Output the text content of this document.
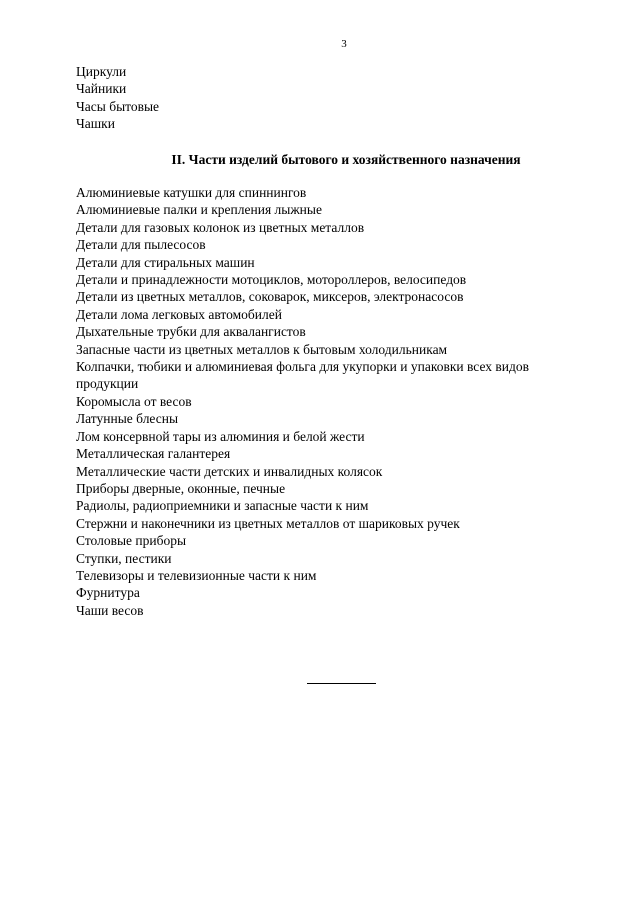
3
Циркули
Чайники
Часы бытовые
Чашки
II. Части изделий бытового и хозяйственного назначения
Алюминиевые катушки для спиннингов
Алюминиевые палки и крепления лыжные
Детали для газовых колонок из цветных металлов
Детали для пылесосов
Детали для стиральных машин
Детали и принадлежности мотоциклов, мотороллеров, велосипедов
Детали из цветных металлов, соковарок, миксеров, электронасосов
Детали лома легковых автомобилей
Дыхательные трубки для аквалангистов
Запасные части из цветных металлов к бытовым холодильникам
Колпачки, тюбики и алюминиевая фольга для укупорки и упаковки всех видов продукции
Коромысла от весов
Латунные блесны
Лом консервной тары из алюминия и белой жести
Металлическая галантерея
Металлические части детских и инвалидных колясок
Приборы дверные, оконные, печные
Радиолы, радиоприемники и запасные части к ним
Стержни и наконечники из цветных металлов от шариковых ручек
Столовые приборы
Ступки, пестики
Телевизоры и телевизионные части к ним
Фурнитура
Чаши весов
